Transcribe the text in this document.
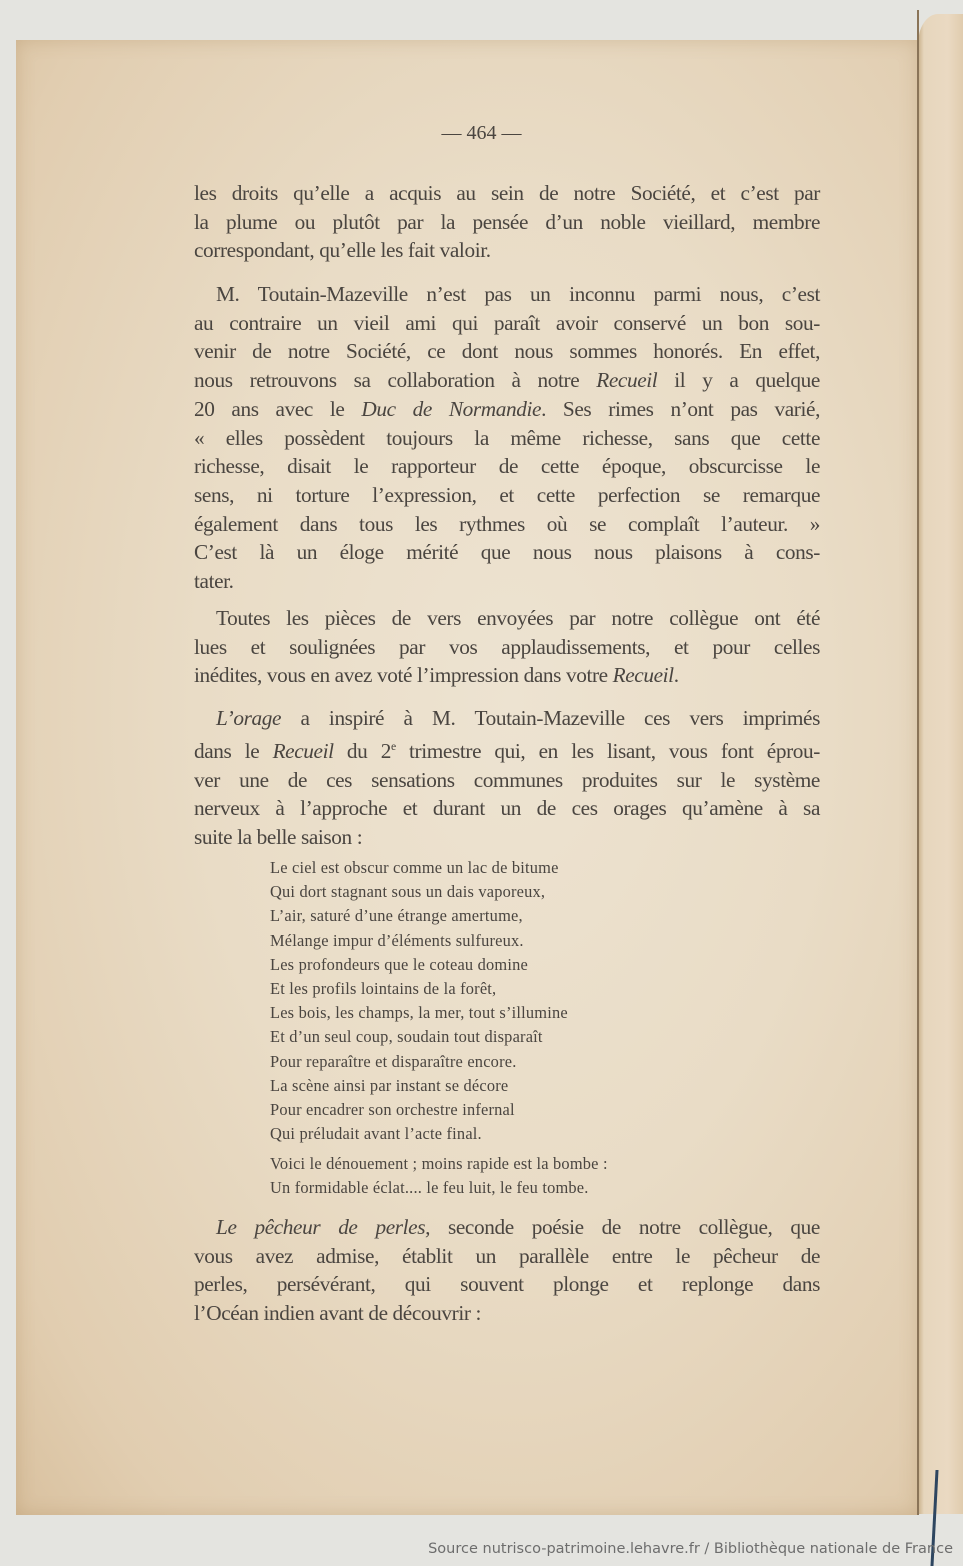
— 464 —

les droits qu’elle a acquis au sein de notre Société, et c’est par
la plume ou plutôt par la pensée d’un noble vieillard, membre
correspondant, qu’elle les fait valoir.

M. Toutain-Mazeville n’est pas un inconnu parmi nous, c’est
au contraire un vieil ami qui paraît avoir conservé un bon sou-
venir de notre Société, ce dont nous sommes honorés. En effet,
nous retrouvons sa collaboration à notre Recueil il y a quelque
20 ans avec le Duc de Normandie. Ses rimes n’ont pas varié,
« elles possèdent toujours la même richesse, sans que cette
richesse, disait le rapporteur de cette époque, obscurcisse le
sens, ni torture l’expression, et cette perfection se remarque
également dans tous les rythmes où se complaît l’auteur. »
C’est là un éloge mérité que nous nous plaisons à cons-
tater.

Toutes les pièces de vers envoyées par notre collègue ont été
lues et soulignées par vos applaudissements, et pour celles
inédites, vous en avez voté l’impression dans votre Recueil.

L’orage a inspiré à M. Toutain-Mazeville ces vers imprimés
dans le Recueil du 2e trimestre qui, en les lisant, vous font éprou-
ver une de ces sensations communes produites sur le système
nerveux à l’approche et durant un de ces orages qu’amène à sa
suite la belle saison :

Le ciel est obscur comme un lac de bitume
Qui dort stagnant sous un dais vaporeux,
L’air, saturé d’une étrange amertume,
Mélange impur d’éléments sulfureux.
Les profondeurs que le coteau domine
Et les profils lointains de la forêt,
Les bois, les champs, la mer, tout s’illumine
Et d’un seul coup, soudain tout disparaît
Pour reparaître et disparaître encore.
La scène ainsi par instant se décore
Pour encadrer son orchestre infernal
Qui préludait avant l’acte final.
Voici le dénouement ; moins rapide est la bombe :
Un formidable éclat.... le feu luit, le feu tombe.

Le pêcheur de perles, seconde poésie de notre collègue, que
vous avez admise, établit un parallèle entre le pêcheur de
perles, persévérant, qui souvent plonge et replonge dans
l’Océan indien avant de découvrir :

Source nutrisco-patrimoine.lehavre.fr / Bibliothèque nationale de France
